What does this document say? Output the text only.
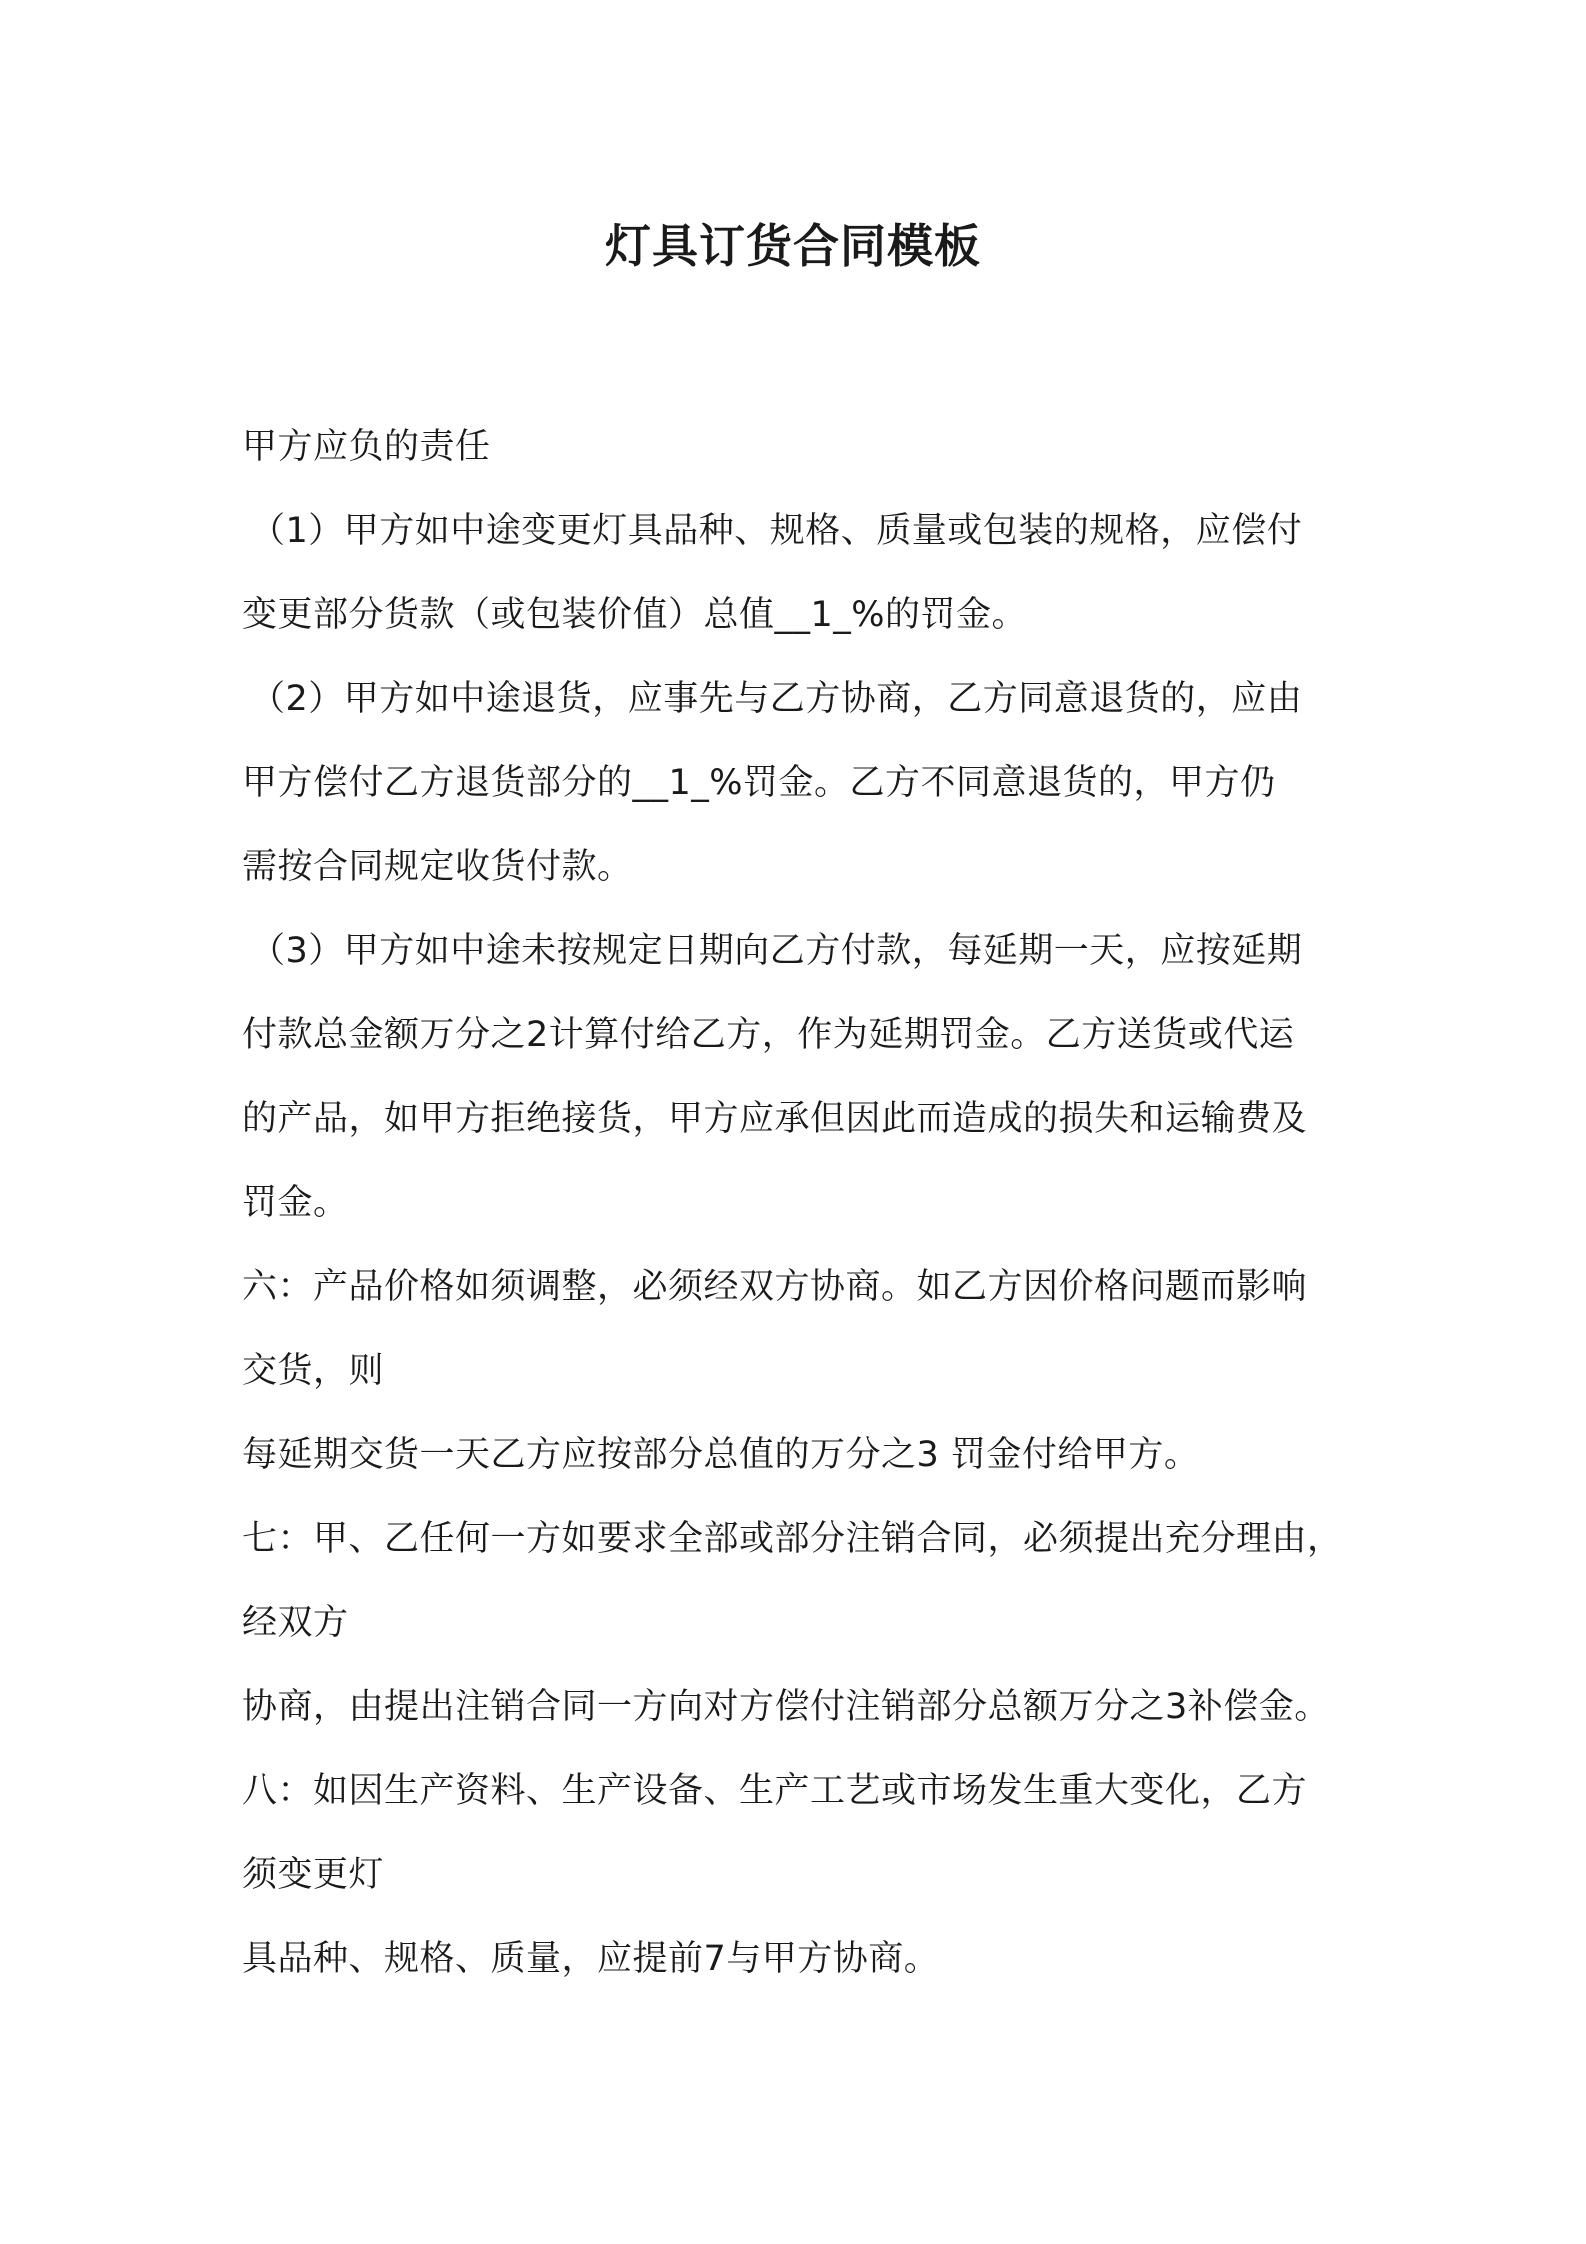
灯具订货合同模板

甲方应负的责任

（1）甲方如中途变更灯具品种、规格、质量或包装的规格，应偿付

变更部分货款（或包装价值）总值__1_%的罚金。

（2）甲方如中途退货，应事先与乙方协商，乙方同意退货的，应由

甲方偿付乙方退货部分的__1_%罚金。乙方不同意退货的，甲方仍

需按合同规定收货付款。

（3）甲方如中途未按规定日期向乙方付款，每延期一天，应按延期

付款总金额万分之2计算付给乙方，作为延期罚金。乙方送货或代运

的产品，如甲方拒绝接货，甲方应承但因此而造成的损失和运输费及

罚金。

六：产品价格如须调整，必须经双方协商。如乙方因价格问题而影响

交货，则

每延期交货一天乙方应按部分总值的万分之3 罚金付给甲方。

七：甲、乙任何一方如要求全部或部分注销合同，必须提出充分理由，

经双方

协商，由提出注销合同一方向对方偿付注销部分总额万分之3补偿金。

八：如因生产资料、生产设备、生产工艺或市场发生重大变化，乙方

须变更灯

具品种、规格、质量，应提前7与甲方协商。
